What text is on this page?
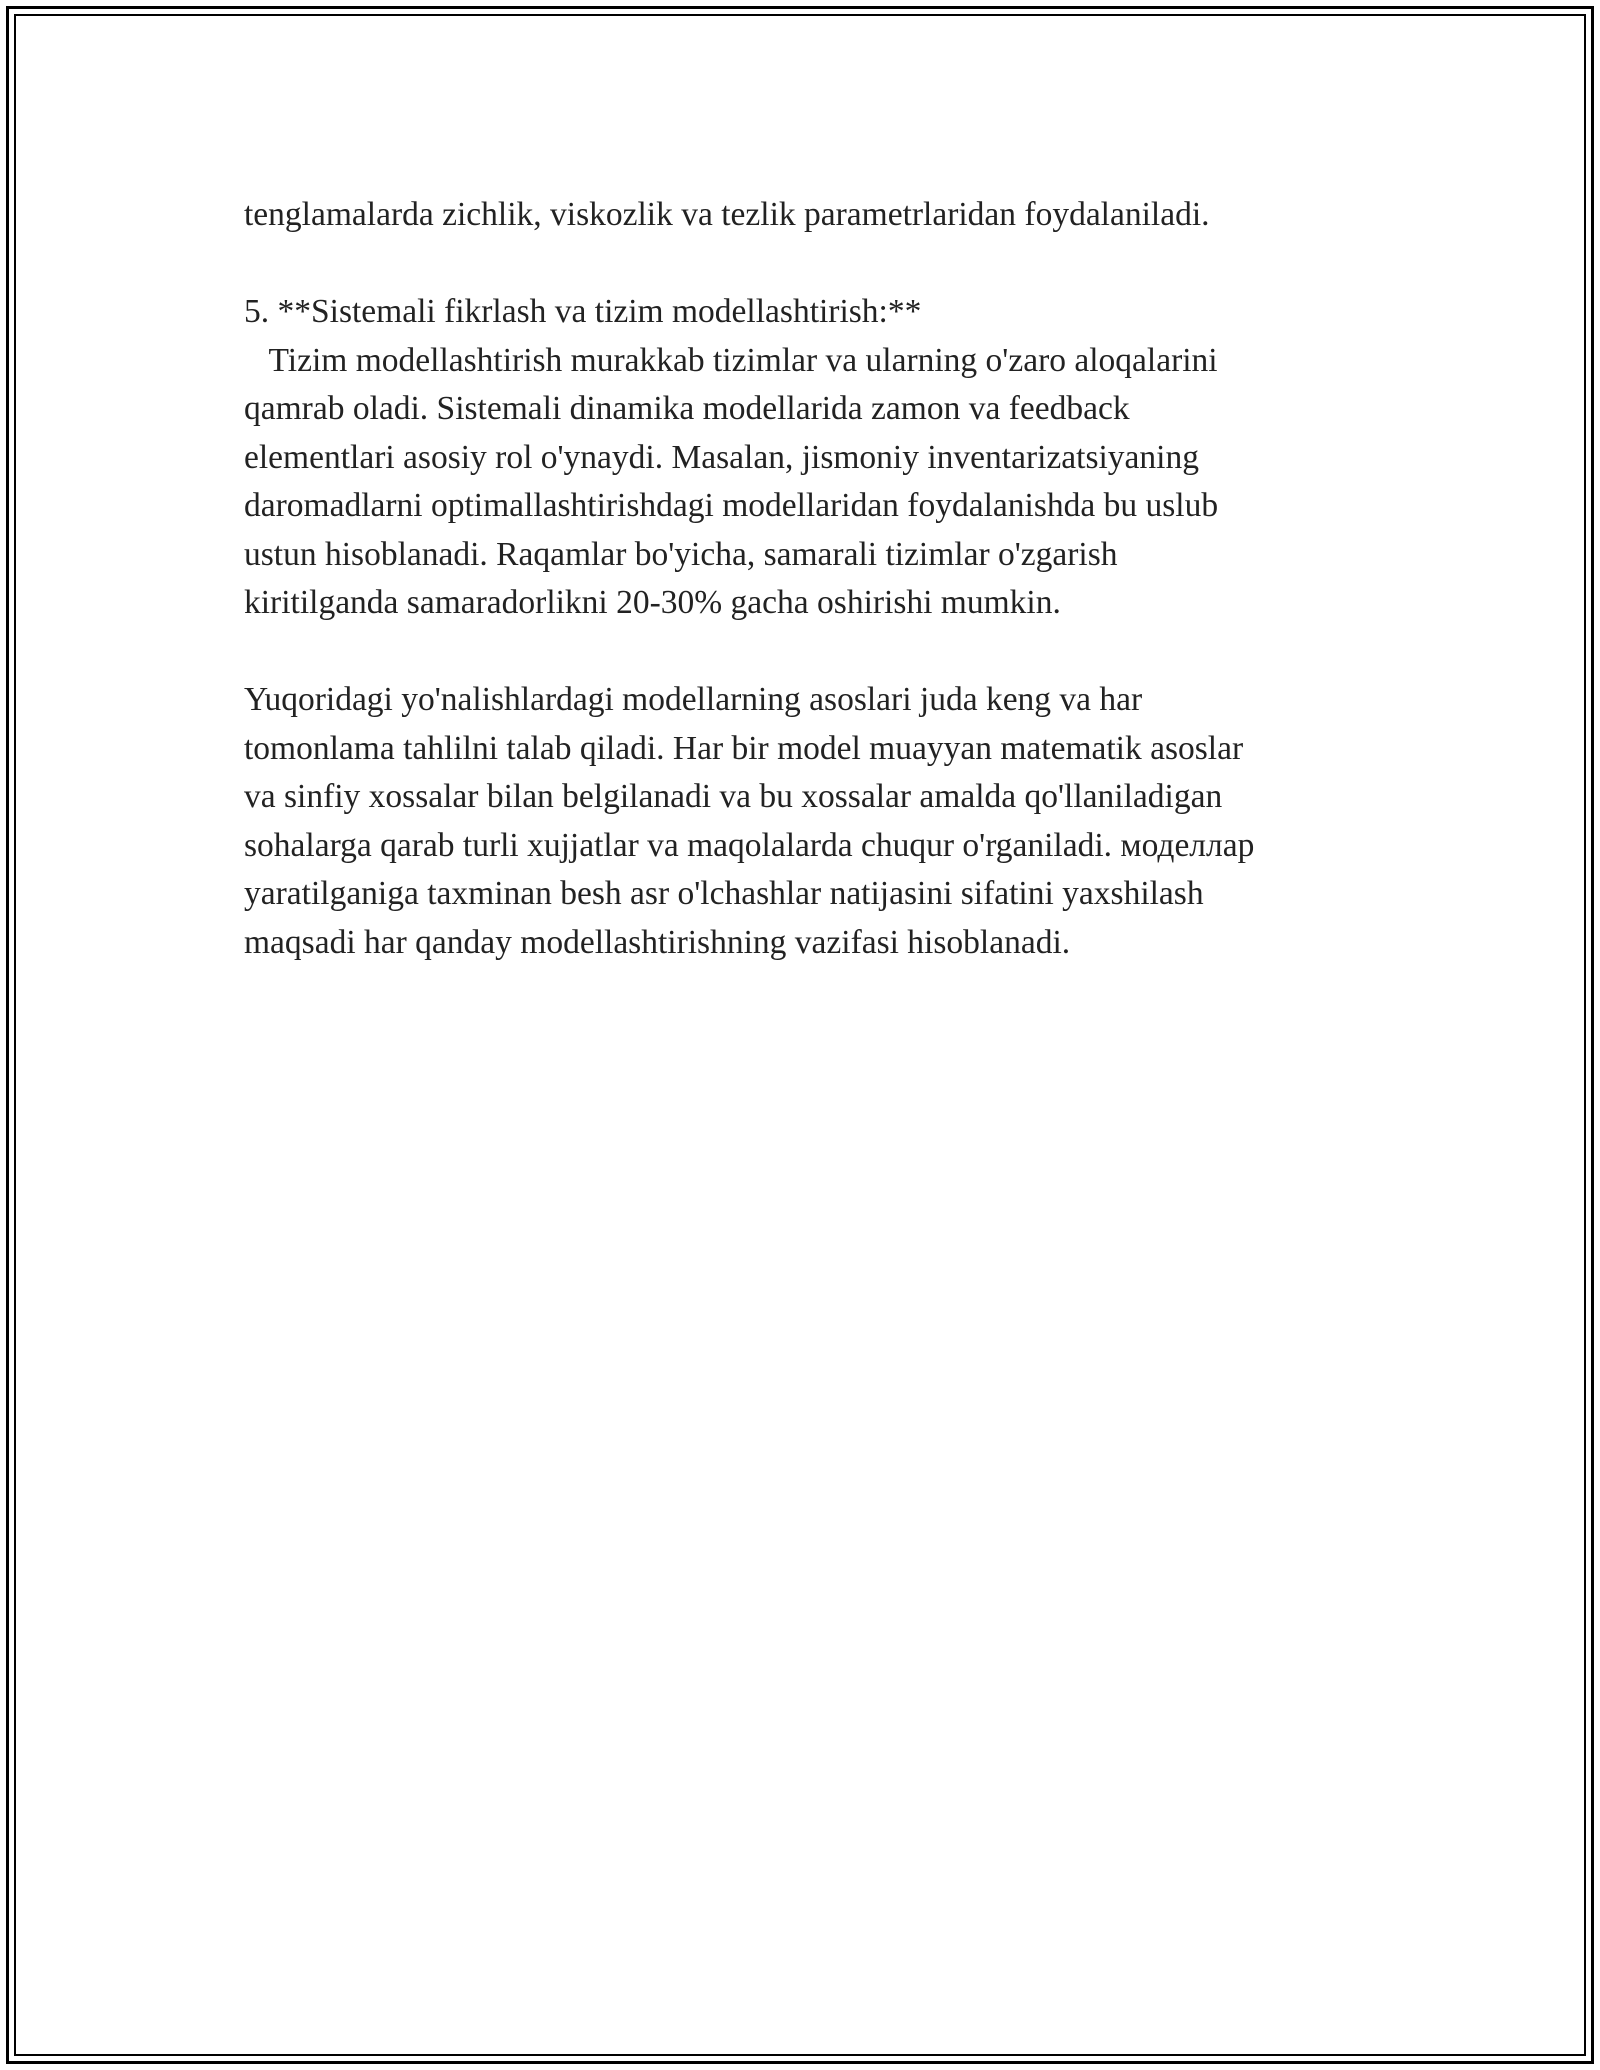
tenglamalarda zichlik, viskozlik va tezlik parametrlaridan foydalaniladi.
5. **Sistemali fikrlash va tizim modellashtirish:**
Tizim modellashtirish murakkab tizimlar va ularning o'zaro aloqalarini
qamrab oladi. Sistemali dinamika modellarida zamon va feedback
elementlari asosiy rol o'ynaydi. Masalan, jismoniy inventarizatsiyaning
daromadlarni optimallashtirishdagi modellaridan foydalanishda bu uslub
ustun hisoblanadi. Raqamlar bo'yicha, samarali tizimlar o'zgarish
kiritilganda samaradorlikni 20-30% gacha oshirishi mumkin.
Yuqoridagi yo'nalishlardagi modellarning asoslari juda keng va har
tomonlama tahlilni talab qiladi. Har bir model muayyan matematik asoslar
va sinfiy xossalar bilan belgilanadi va bu xossalar amalda qo'llaniladigan
sohalarga qarab turli xujjatlar va maqolalarda chuqur o'rganiladi. моделлар
yaratilganiga taxminan besh asr o'lchashlar natijasini sifatini yaxshilash
maqsadi har qanday modellashtirishning vazifasi hisoblanadi.
